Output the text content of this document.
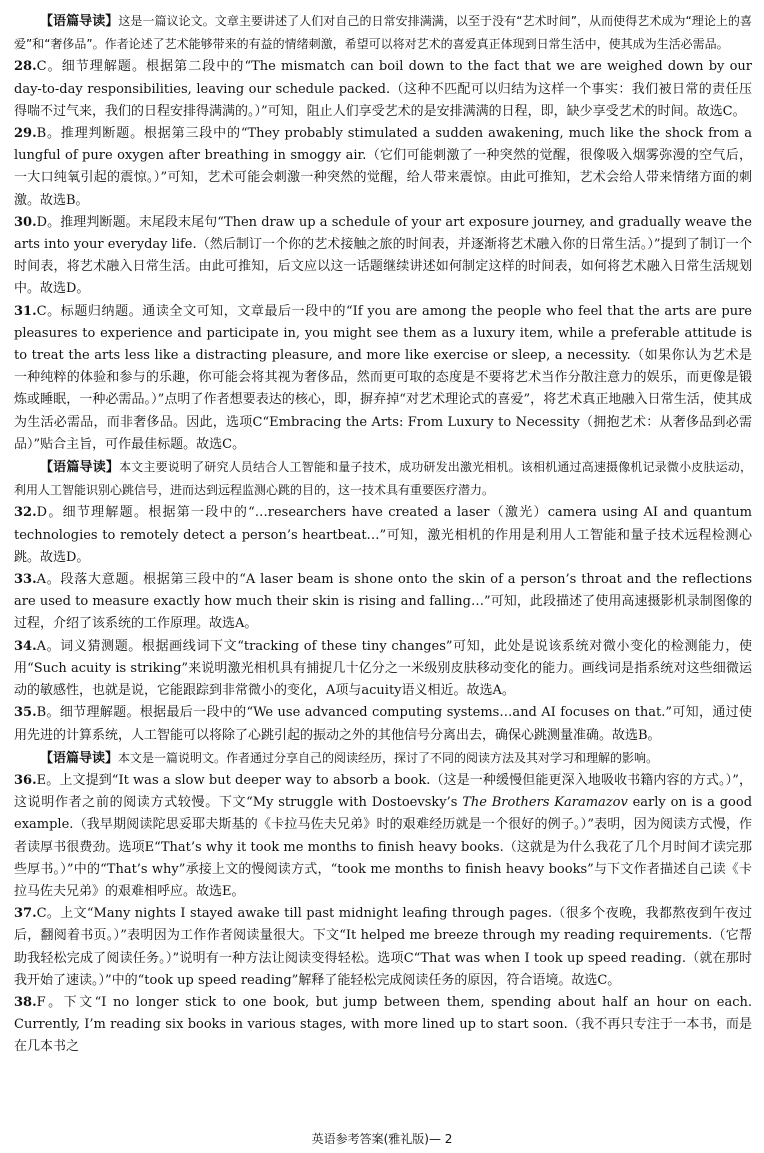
【语篇导读】这是一篇议论文。文章主要讲述了人们对自己的日常安排满满，以至于没有“艺术时间”，从而使得艺术成为“理论上的喜爱”和“奢侈品”。作者论述了艺术能够带来的有益的情绪刺激，希望可以将对艺术的喜爱真正体现到日常生活中，使其成为生活必需品。

28.C。细节理解题。根据第二段中的“The mismatch can boil down to the fact that we are weighed down by our day-to-day responsibilities, leaving our schedule packed.（这种不匹配可以归结为这样一个事实：我们被日常的责任压得喘不过气来，我们的日程安排得满满的。）”可知，阻止人们享受艺术的是安排满满的日程，即，缺少享受艺术的时间。故选C。

29.B。推理判断题。根据第三段中的“They probably stimulated a sudden awakening, much like the shock from a lungful of pure oxygen after breathing in smoggy air.（它们可能刺激了一种突然的觉醒，很像吸入烟雾弥漫的空气后，一大口纯氧引起的震惊。）”可知，艺术可能会刺激一种突然的觉醒，给人带来震惊。由此可推知，艺术会给人带来情绪方面的刺激。故选B。

30.D。推理判断题。末尾段末尾句“Then draw up a schedule of your art exposure journey, and gradually weave the arts into your everyday life.（然后制订一个你的艺术接触之旅的时间表，并逐渐将艺术融入你的日常生活。）”提到了制订一个时间表，将艺术融入日常生活。由此可推知，后文应以这一话题继续讲述如何制定这样的时间表，如何将艺术融入日常生活规划中。故选D。

31.C。标题归纳题。通读全文可知，文章最后一段中的“If you are among the people who feel that the arts are pure pleasures to experience and participate in, you might see them as a luxury item, while a preferable attitude is to treat the arts less like a distracting pleasure, and more like exercise or sleep, a necessity.（如果你认为艺术是一种纯粹的体验和参与的乐趣，你可能会将其视为奢侈品，然而更可取的态度是不要将艺术当作分散注意力的娱乐，而更像是锻炼或睡眠，一种必需品。）”点明了作者想要表达的核心，即，摒弃掉“对艺术理论式的喜爱”，将艺术真正地融入日常生活，使其成为生活必需品，而非奢侈品。因此，选项C“Embracing the Arts: From Luxury to Necessity（拥抱艺术：从奢侈品到必需品）”贴合主旨，可作最佳标题。故选C。

【语篇导读】本文主要说明了研究人员结合人工智能和量子技术，成功研发出激光相机。该相机通过高速摄像机记录微小皮肤运动，利用人工智能识别心跳信号，进而达到远程监测心跳的目的，这一技术具有重要医疗潜力。

32.D。细节理解题。根据第一段中的“…researchers have created a laser（激光）camera using AI and quantum technologies to remotely detect a person’s heartbeat…”可知，激光相机的作用是利用人工智能和量子技术远程检测心跳。故选D。

33.A。段落大意题。根据第三段中的“A laser beam is shone onto the skin of a person’s throat and the reflections are used to measure exactly how much their skin is rising and falling…”可知，此段描述了使用高速摄影机录制图像的过程，介绍了该系统的工作原理。故选A。

34.A。词义猜测题。根据画线词下文“tracking of these tiny changes”可知，此处是说该系统对微小变化的检测能力，使用“Such acuity is striking”来说明激光相机具有捕捉几十亿分之一米级别皮肤移动变化的能力。画线词是指系统对这些细微运动的敏感性，也就是说，它能跟踪到非常微小的变化，A项与acuity语义相近。故选A。

35.B。细节理解题。根据最后一段中的“We use advanced computing systems…and AI focuses on that.”可知，通过使用先进的计算系统，人工智能可以将除了心跳引起的振动之外的其他信号分离出去，确保心跳测量准确。故选B。

【语篇导读】本文是一篇说明文。作者通过分享自己的阅读经历，探讨了不同的阅读方法及其对学习和理解的影响。

36.E。上文提到“It was a slow but deeper way to absorb a book.（这是一种缓慢但能更深入地吸收书籍内容的方式。）”，这说明作者之前的阅读方式较慢。下文“My struggle with Dostoevsky’s The Brothers Karamazov early on is a good example.（我早期阅读陀思妥耶夫斯基的《卡拉马佐夫兄弟》时的艰难经历就是一个很好的例子。）”表明，因为阅读方式慢，作者读厚书很费劲。选项E“That’s why it took me months to finish heavy books.（这就是为什么我花了几个月时间才读完那些厚书。）”中的“That’s why”承接上文的慢阅读方式，“took me months to finish heavy books”与下文作者描述自己读《卡拉马佐夫兄弟》的艰难相呼应。故选E。

37.C。上文“Many nights I stayed awake till past midnight leafing through pages.（很多个夜晚，我都熬夜到午夜过后，翻阅着书页。）”表明因为工作作者阅读量很大。下文“It helped me breeze through my reading requirements.（它帮助我轻松完成了阅读任务。）”说明有一种方法让阅读变得轻松。选项C“That was when I took up speed reading.（就在那时我开始了速读。）”中的“took up speed reading”解释了能轻松完成阅读任务的原因，符合语境。故选C。

38.F。下文“I no longer stick to one book, but jump between them, spending about half an hour on each. Currently, I’m reading six books in various stages, with more lined up to start soon.（我不再只专注于一本书，而是在几本书之

英语参考答案(雅礼版)— 2
